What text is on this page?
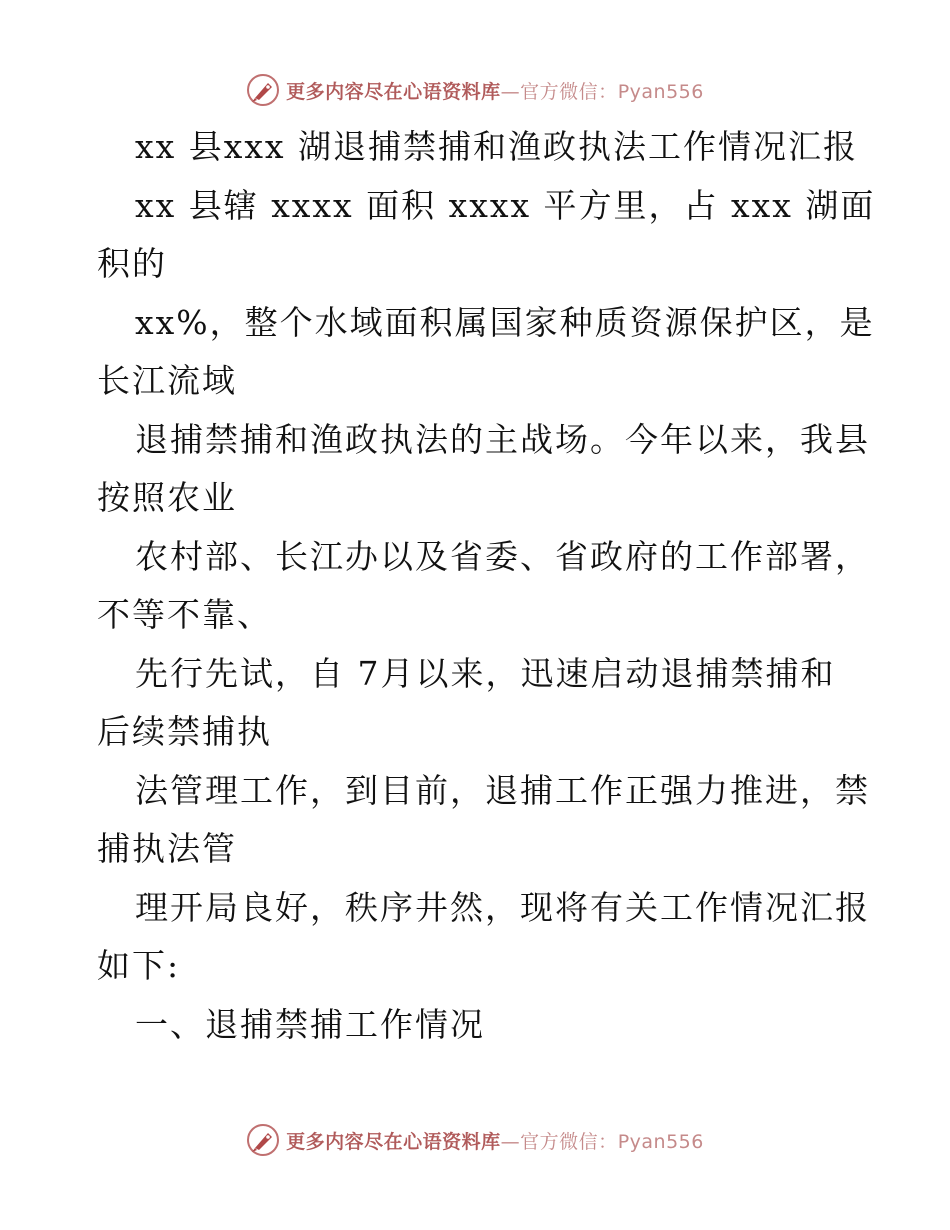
更多内容尽在心语资料库—官方微信：Pyan556
xx 县xxx 湖退捕禁捕和渔政执法工作情况汇报
xx 县辖 xxxx 面积 xxxx 平方里，占 xxx 湖面
积的
xx%，整个水域面积属国家种质资源保护区，是
长江流域
退捕禁捕和渔政执法的主战场。今年以来，我县
按照农业
农村部、长江办以及省委、省政府的工作部署，
不等不靠、
先行先试，自 7月以来，迅速启动退捕禁捕和
后续禁捕执
法管理工作，到目前，退捕工作正强力推进，禁
捕执法管
理开局良好，秩序井然，现将有关工作情况汇报
如下:
一、退捕禁捕工作情况
更多内容尽在心语资料库—官方微信：Pyan556
